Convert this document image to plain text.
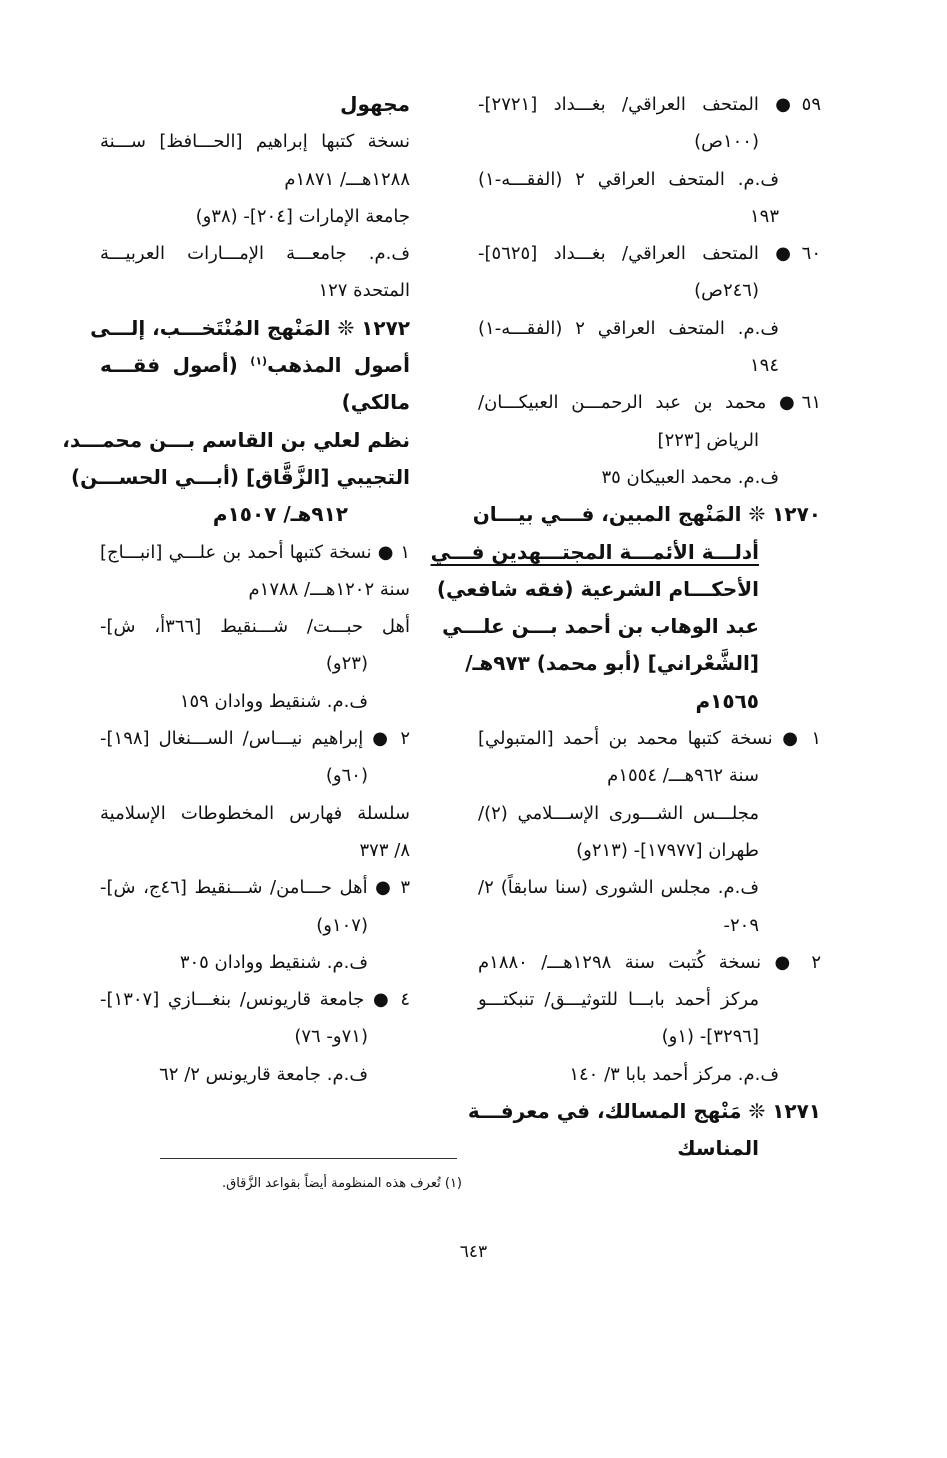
٥٩● المتحف العراقي/ بغـــداد [٢٧٢١]-
(١٠٠ص)
ف.م. المتحف العراقي ٢ (الفقـــه-١)
١٩٣
٦٠● المتحف العراقي/ بغـــداد [٥٦٢٥]-
(٢٤٦ص)
ف.م. المتحف العراقي ٢ (الفقـــه-١)
١٩٤
٦١● محمد بن عبد الرحمـــن العبيكـــان/
الرياض [٢٢٣]
ف.م. محمد العبيكان ٣٥
١٢٧٠ ❊ المَنْهج المبين، فـــي بيـــان
أدلـــة الأئمـــة المجتـــهدين فـــي
الأحكـــام الشرعية (فقه شافعي)
عبد الوهاب بن أحمد بـــن علـــي
[الشَّعْراني] (أبو محمد) ٩٧٣هـ/
١٥٦٥م
١ ● نسخة كتبها محمد بن أحمد [المتبولي]
سنة ٩٦٢هـــ/ ١٥٥٤م
مجلـــس الشـــورى الإســـلامي (٢)/
طهران [١٧٩٧٧]- (٢١٣و)
ف.م. مجلس الشورى (سنا سابقاً) ٢/
٢٠٩-
٢ ● نسخة كُتبت سنة ١٢٩٨هـــ/ ١٨٨٠م
مركز أحمد بابـــا للتوثيـــق/ تنبكتـــو
[٣٢٩٦]- (١و)
ف.م. مركز أحمد بابا ٣/ ١٤٠
١٢٧١ ❊ مَنْهج المسالك، في معرفـــة
المناسك
مجهول
نسخة كتبها إبراهيم [الحـــافظ] ســـنة
١٢٨٨هـــ/ ١٨٧١م
جامعة الإمارات [٢٠٤]- (٣٨و)
ف.م. جامعـــة الإمـــارات العربيـــة
المتحدة ١٢٧
١٢٧٢ ❊ المَنْهج المُنْتَخـــب، إلـــى
أصول المذهب$^{(١)}$ (أصول فقـــه
مالكي)
نظم لعلي بن القاسم بـــن محمـــد،
التجيبي [الزَّقَّاق] (أبـــي الحســـن)
٩١٢هـ/ ١٥٠٧م
١ ● نسخة كتبها أحمد بن علـــي [انبـــاج]
سنة ١٢٠٢هـــ/ ١٧٨٨م
أهل حبـــت/ شـــنقيط [٣٦٦أ، ش]-
(٢٣و)
ف.م. شنقيط ووادان ١٥٩
٢ ● إبراهيم نيـــاس/ الســـنغال [١٩٨]-
(٦٠و)
سلسلة فهارس المخطوطات الإسلامية
٨/ ٣٧٣
٣ ● أهل حـــامن/ شـــنقيط [٤٦ج، ش]-
(١٠٧و)
ف.م. شنقيط ووادان ٣٠٥
٤ ● جامعة قاريونس/ بنغـــازي [١٣٠٧]-
(٧١و- ٧٦)
ف.م. جامعة قاريونس ٢/ ٦٢
(١) تُعرف هذه المنظومة أيضاً بقواعد الزَّقاق.
٦٤٣
